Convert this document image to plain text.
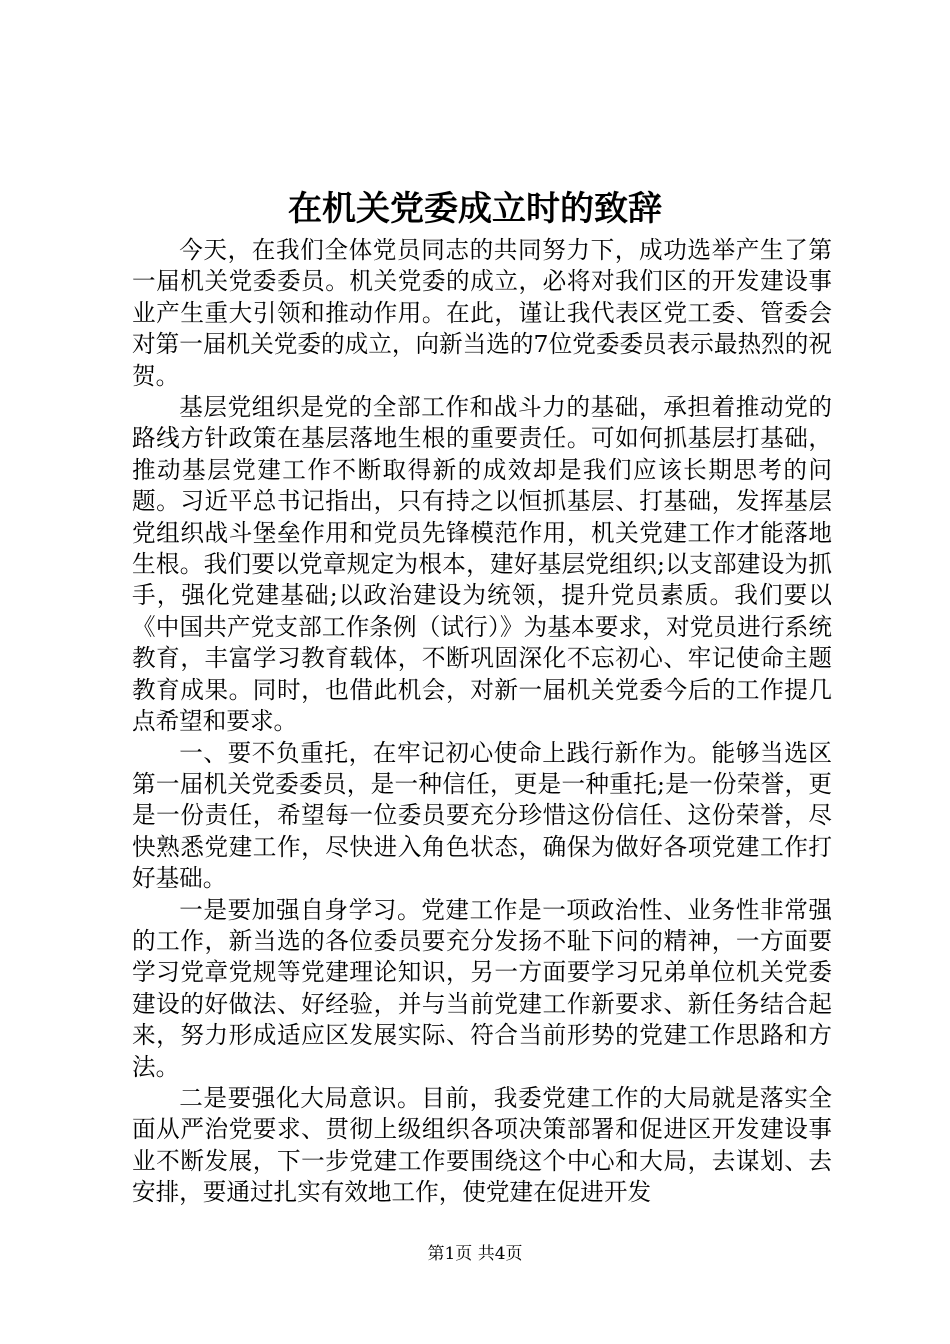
在机关党委成立时的致辞

今天，在我们全体党员同志的共同努力下，成功选举产生了第一届机关党委委员。机关党委的成立，必将对我们区的开发建设事业产生重大引领和推动作用。在此，谨让我代表区党工委、管委会对第一届机关党委的成立，向新当选的7位党委委员表示最热烈的祝贺。

基层党组织是党的全部工作和战斗力的基础，承担着推动党的路线方针政策在基层落地生根的重要责任。可如何抓基层打基础，推动基层党建工作不断取得新的成效却是我们应该长期思考的问题。习近平总书记指出，只有持之以恒抓基层、打基础，发挥基层党组织战斗堡垒作用和党员先锋模范作用，机关党建工作才能落地生根。我们要以党章规定为根本，建好基层党组织;以支部建设为抓手，强化党建基础;以政治建设为统领，提升党员素质。我们要以《中国共产党支部工作条例（试行）》为基本要求，对党员进行系统教育，丰富学习教育载体，不断巩固深化不忘初心、牢记使命主题教育成果。同时，也借此机会，对新一届机关党委今后的工作提几点希望和要求。

一、要不负重托，在牢记初心使命上践行新作为。能够当选区第一届机关党委委员，是一种信任，更是一种重托;是一份荣誉，更是一份责任，希望每一位委员要充分珍惜这份信任、这份荣誉，尽快熟悉党建工作，尽快进入角色状态，确保为做好各项党建工作打好基础。

一是要加强自身学习。党建工作是一项政治性、业务性非常强的工作，新当选的各位委员要充分发扬不耻下问的精神，一方面要学习党章党规等党建理论知识，另一方面要学习兄弟单位机关党委建设的好做法、好经验，并与当前党建工作新要求、新任务结合起来，努力形成适应区发展实际、符合当前形势的党建工作思路和方法。

二是要强化大局意识。目前，我委党建工作的大局就是落实全面从严治党要求、贯彻上级组织各项决策部署和促进区开发建设事业不断发展，下一步党建工作要围绕这个中心和大局，去谋划、去安排，要通过扎实有效地工作，使党建在促进开发

第1页 共4页
